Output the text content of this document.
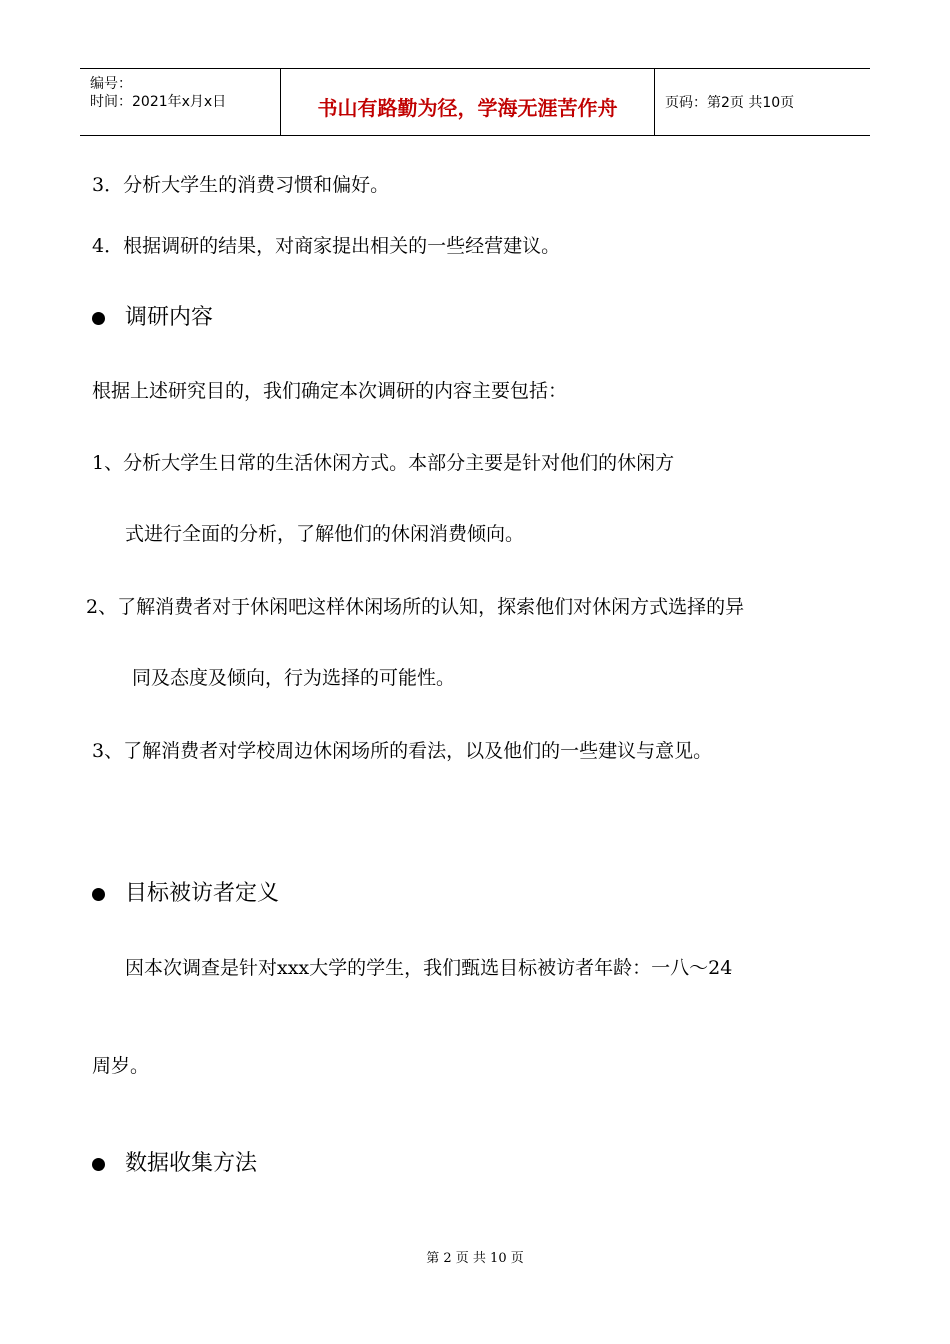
编号：
时间：2021年x月x日	书山有路勤为径，学海无涯苦作舟	页码：第2页 共10页
3．分析大学生的消费习惯和偏好。
4．根据调研的结果，对商家提出相关的一些经营建议。
调研内容
根据上述研究目的，我们确定本次调研的内容主要包括：
1、分析大学生日常的生活休闲方式。本部分主要是针对他们的休闲方
式进行全面的分析，了解他们的休闲消费倾向。
2、了解消费者对于休闲吧这样休闲场所的认知，探索他们对休闲方式选择的异
同及态度及倾向，行为选择的可能性。
3、了解消费者对学校周边休闲场所的看法，以及他们的一些建议与意见。
目标被访者定义
因本次调查是针对xxx大学的学生，我们甄选目标被访者年龄：一八～24
周岁。
数据收集方法
第 2 页 共 10 页
